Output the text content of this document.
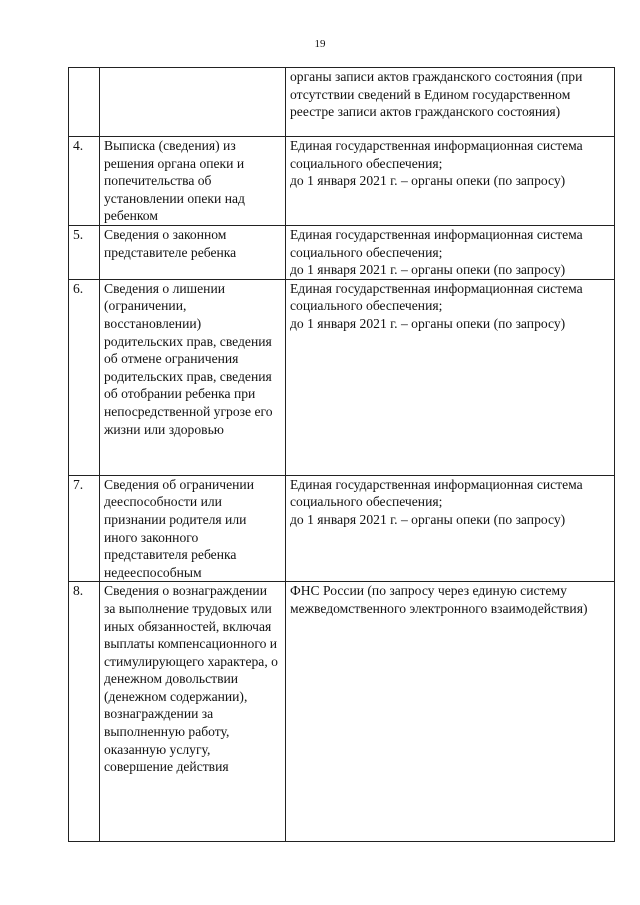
19
		органы записи актов гражданского состояния (при отсутствии сведений в Едином государственном реестре записи актов гражданского состояния)
4.	Выписка (сведения) из решения органа опеки и попечительства об установлении опеки над ребенком	Единая государственная информационная система социального обеспечения;
до 1 января 2021 г. – органы опеки (по запросу)
5.	Сведения о законном представителе ребенка	Единая государственная информационная система социального обеспечения;
до 1 января 2021 г. – органы опеки (по запросу)
6.	Сведения о лишении (ограничении, восстановлении) родительских прав, сведения об отмене ограничения родительских прав, сведения об отобрании ребенка при непосредственной угрозе его жизни или здоровью	Единая государственная информационная система социального обеспечения;
до 1 января 2021 г. – органы опеки (по запросу)
7.	Сведения об ограничении дееспособности или признании родителя или иного законного представителя ребенка недееспособным	Единая государственная информационная система социального обеспечения;
до 1 января 2021 г. – органы опеки (по запросу)
8.	Сведения о вознаграждении за выполнение трудовых или иных обязанностей, включая выплаты компенсационного и стимулирующего характера, о денежном довольствии (денежном содержании), вознаграждении за выполненную работу, оказанную услугу, совершение действия	ФНС России (по запросу через единую систему межведомственного электронного взаимодействия)
